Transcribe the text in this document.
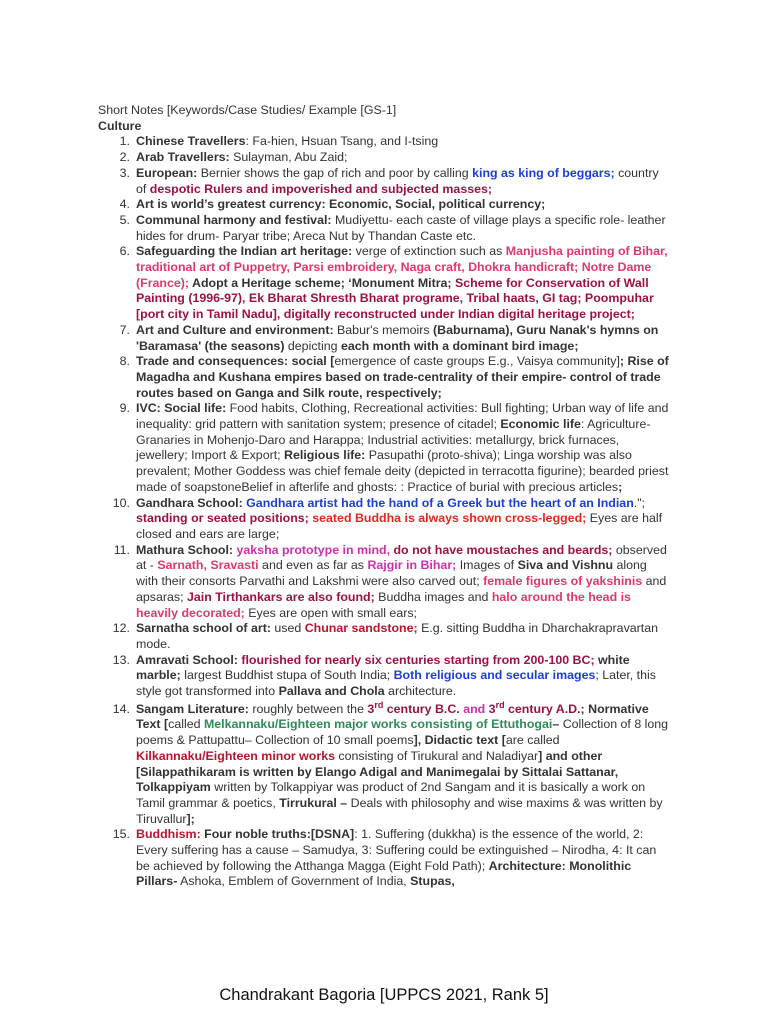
Short Notes [Keywords/Case Studies/ Example [GS-1]

Culture

1. Chinese Travellers: Fa-hien, Hsuan Tsang, and I-tsing
2. Arab Travellers: Sulayman, Abu Zaid;
3. European: Bernier shows the gap of rich and poor by calling king as king of beggars; country of despotic Rulers and impoverished and subjected masses;
4. Art is world’s greatest currency: Economic, Social, political currency;
5. Communal harmony and festival: Mudiyettu- each caste of village plays a specific role- leather hides for drum- Paryar tribe; Areca Nut by Thandan Caste etc.
6. Safeguarding the Indian art heritage: verge of extinction such as Manjusha painting of Bihar, traditional art of Puppetry, Parsi embroidery, Naga craft, Dhokra handicraft; Notre Dame (France); Adopt a Heritage scheme; ‘Monument Mitra; Scheme for Conservation of Wall Painting (1996-97), Ek Bharat Shresth Bharat programe, Tribal haats, GI tag; Poompuhar [port city in Tamil Nadu], digitally reconstructed under Indian digital heritage project;
7. Art and Culture and environment: Babur's memoirs (Baburnama), Guru Nanak's hymns on 'Baramasa' (the seasons) depicting each month with a dominant bird image;
8. Trade and consequences: social [emergence of caste groups E.g., Vaisya community]; Rise of Magadha and Kushana empires based on trade-centrality of their empire- control of trade routes based on Ganga and Silk route, respectively;
9. IVC: Social life: Food habits, Clothing, Recreational activities: Bull fighting; Urban way of life and inequality: grid pattern with sanitation system; presence of citadel; Economic life: Agriculture- Granaries in Mohenjo-Daro and Harappa; Industrial activities: metallurgy, brick furnaces, jewellery; Import & Export; Religious life: Pasupathi (proto-shiva); Linga worship was also prevalent; Mother Goddess was chief female deity (depicted in terracotta figurine); bearded priest made of soapstoneBelief in afterlife and ghosts: : Practice of burial with precious articles;
10. Gandhara School: Gandhara artist had the hand of a Greek but the heart of an Indian."; standing or seated positions; seated Buddha is always shown cross-legged; Eyes are half closed and ears are large;
11. Mathura School: yaksha prototype in mind, do not have moustaches and beards; observed at - Sarnath, Sravasti and even as far as Rajgir in Bihar; Images of Siva and Vishnu along with their consorts Parvathi and Lakshmi were also carved out; female figures of yakshinis and apsaras; Jain Tirthankars are also found; Buddha images and halo around the head is heavily decorated; Eyes are open with small ears;
12. Sarnatha school of art: used Chunar sandstone; E.g. sitting Buddha in Dharchakrapravartan mode.
13. Amravati School: flourished for nearly six centuries starting from 200-100 BC; white marble; largest Buddhist stupa of South India; Both religious and secular images; Later, this style got transformed into Pallava and Chola architecture.
14. Sangam Literature: roughly between the 3rd century B.C. and 3rd century A.D.; Normative Text [called Melkannaku/Eighteen major works consisting of Ettuthogai– Collection of 8 long poems & Pattupattu– Collection of 10 small poems], Didactic text [are called Kilkannaku/Eighteen minor works consisting of Tirukural and Naladiyar] and other [Silappathikaram is written by Elango Adigal and Manimegalai by Sittalai Sattanar, Tolkappiyam written by Tolkappiyar was product of 2nd Sangam and it is basically a work on Tamil grammar & poetics, Tirrukural – Deals with philosophy and wise maxims & was written by Tiruvallur];
15. Buddhism: Four noble truths:[DSNA]: 1. Suffering (dukkha) is the essence of the world, 2: Every suffering has a cause – Samudya, 3: Suffering could be extinguished – Nirodha, 4: It can be achieved by following the Atthanga Magga (Eight Fold Path); Architecture: Monolithic Pillars- Ashoka, Emblem of Government of India, Stupas,
Chandrakant Bagoria [UPPCS 2021, Rank 5]
